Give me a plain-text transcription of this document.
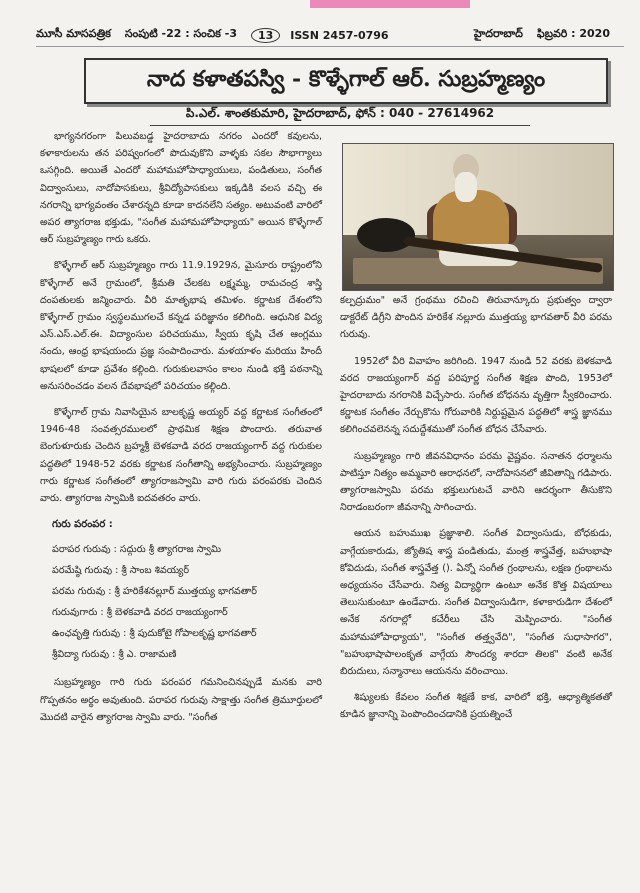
మూసీ మాసపత్రిక సంపుటి -22 : సంచిక -3	13	ISSN 2457-0796	హైదరాబాద్ ఫిబ్రవరి : 2020
నాద కళాతపస్వి - కొళ్ళేగాల్ ఆర్. సుబ్రహ్మణ్యం
పి.ఎల్. శాంతకుమారి, హైదరాబాద్, ఫోన్ : 040 - 27614962

భాగ్యనగరంగా పిలువబడ్డ హైదరాబాదు నగరం ఎందరో కవులను, కళాకారులను తన పరిష్వంగంలో పొదువుకొని వాళ్ళకు సకల సౌభాగ్యాలు ఒసగ్గింది. అయితే ఎందరో మహామహోపాధ్యాయులు, పండితులు, సంగీత విద్వాంసులు, నాదోపాసకులు, శ్రీవిద్యోపాసకులు ఇక్కడికి వలస వచ్చి ఈ నగరాన్ని భాగ్యవంతం చేశారన్నది కూడా కాదనలేని సత్యం. అటువంటి వారిలో అపర త్యాగరాజ భక్తుడు, "సంగీత మహామహోపాధ్యాయ" అయిన కొళ్ళేగాల్ ఆర్ సుబ్రహ్మణ్యం గారు ఒకరు.

కొళ్ళేగాల్ ఆర్ సుబ్రహ్మణ్యం గారు 11.9.1929న, మైసూరు రాష్ట్రంలోని కొళ్ళేగాల్ అనే గ్రామంలో, శ్రీమతి చేలకట లక్ష్మమ్మ, రామచంద్ర శాస్త్రి దంపతులకు జన్మించారు. వీరి మాతృభాష తమిళం. కర్ణాటక దేశంలోని కొళ్ళేగాల్ గ్రామం స్వస్థలముగలచే కన్నడ పరిజ్ఞానం కలిగింది. ఆధునిక విద్య ఎస్.ఎస్.ఎల్.ఈ. విద్యాంసుల పరిచయము, స్వీయ కృషి చేత ఆంగ్లము నందు, ఆంధ్ర భాషయందు ప్రజ్ఞ సంపాదించారు. మళయాళం మరియు హిందీ భాషలలో కూడా ప్రవేశం కల్గింది. గురుకులవాసం కాలం నుండి భక్తి పఠనాన్ని అనుసరించడం వలన దేవభాషలో పరిచయం కల్గింది.

కొళ్ళేగాల్ గ్రామ నివాసియైన బాలకృష్ణ అయ్యర్ వద్ద కర్ణాటక సంగీతంలో 1946-48 సంవత్సరములలో ప్రాథమిక శిక్షణ పొందారు. తరువాత బెంగుళూరుకు చెందిన బ్రహ్మశ్రీ బెళకవాడి వరద రాజయ్యంగార్ వద్ద గురుకుల పద్ధతిలో 1948-52 వరకు కర్ణాటక సంగీతాన్ని అభ్యసించారు. సుబ్రహ్మణ్యం గారు కర్ణాటక సంగీతంలో త్యాగరాజస్వామి వారి గురు పరంపరకు చెందిన వారు. త్యాగరాజ స్వామికి ఐదవతరం వారు.

గురు పరంపర :
పరాపర గురువు : సద్గురు శ్రీ త్యాగరాజ స్వామి
పరమేష్ఠి గురువు : శ్రీ సాంబ శివయ్యర్
పరమ గురువు : శ్రీ హరికేశనల్లూర్ ముత్తయ్య భాగవతార్
గురువుగారు : శ్రీ బెళకవాడి వరద రాజయ్యంగార్
ఉంఛవృత్తి గురువు : శ్రీ పుదుకోటై గోపాలకృష్ణ భాగవతార్
శ్రీవిద్యా గురువు : శ్రీ ఎ. రాజామణి

సుబ్రహ్మణ్యం గారి గురు పరంపర గమనించినప్పుడే మనకు వారి గొప్పతనం అర్థం అవుతుంది. పరాపర గురువు సాక్షాత్తు సంగీత త్రిమూర్తులలో మొదటి వారైన త్యాగరాజ స్వామి వారు. "సంగీత

కల్పద్రుమం" అనే గ్రంథము రచించి తిరువాన్కూరు ప్రభుత్వం ద్వారా డాక్టరేట్ డిగ్రీని పొందిన హరికేశ నల్లూరు ముత్తయ్య భాగవతార్ వీరి పరమ గురువు.

1952లో వీరి వివాహం జరిగింది. 1947 నుండి 52 వరకు బెళకవాడి వరద రాజయ్యంగార్ వద్ద పరిపూర్ణ సంగీత శిక్షణ పొంది, 1953లో హైదరాబాదు నగరానికి విచ్చేసారు. సంగీత బోధనను వృత్తిగా స్వీకరించారు. కర్ణాటక సంగీతం నేర్చుకొను గోరువారికి నిర్దుష్టమైన పద్ధతిలో శాస్త్ర జ్ఞానము కలిగించవలెనన్న సదుద్దేశముతో సంగీత బోధన చేసేవారు.

సుబ్రహ్మణ్యం గారి జీవనవిధానం పరమ వైష్ణవం. సనాతన ధర్మాలను పాటిస్తూ నిత్యం అమ్మవారి ఆరాధనలో, నాదోపాసనలో జీవితాన్ని గడిపారు. త్యాగరాజస్వామి పరమ భక్తులుగుటచే వారిని ఆదర్శంగా తీసుకొని నిరాడంబరంగా జీవనాన్ని సాగించారు.

ఆయన బహుముఖ ప్రజ్ఞాశాలి. సంగీత విద్వాంసుడు, బోధకుడు, వాగ్గేయకారుడు, జ్యోతిష శాస్త్ర పండితుడు, మంత్ర శాస్త్రవేత్త, బహుభాషా కోవిదుడు, సంగీత శాస్త్రవేత్త (). ఏన్నో సంగీత గ్రంథాలను, లక్షణ గ్రంథాలను అధ్యయనం చేసేవారు. నిత్య విద్యార్థిగా ఉంటూ అనేక కొత్త విషయాలు తెలుసుకుంటూ ఉండేవారు. సంగీత విద్వాంసుడిగా, కళాకారుడిగా దేశంలో అనేక నగరాల్లో కచేరీలు చేసి మెప్పించారు. "సంగీత మహామహోపాధ్యాయ", "సంగీత తత్త్వవేది", "సంగీత సుధాసాగర", "బహుభాషాపాలంకృత వాగ్గేయ సౌందర్య శారదా తిలక" వంటి అనేక బిరుదులు, సన్మానాలు ఆయనను వరించాయి.

శిష్యులకు కేవలం సంగీత శిక్షణే కాక, వారిలో భక్తి, ఆధ్యాత్మికతతో కూడిన జ్ఞానాన్ని పెంపొందించడానికి ప్రయత్నించే
